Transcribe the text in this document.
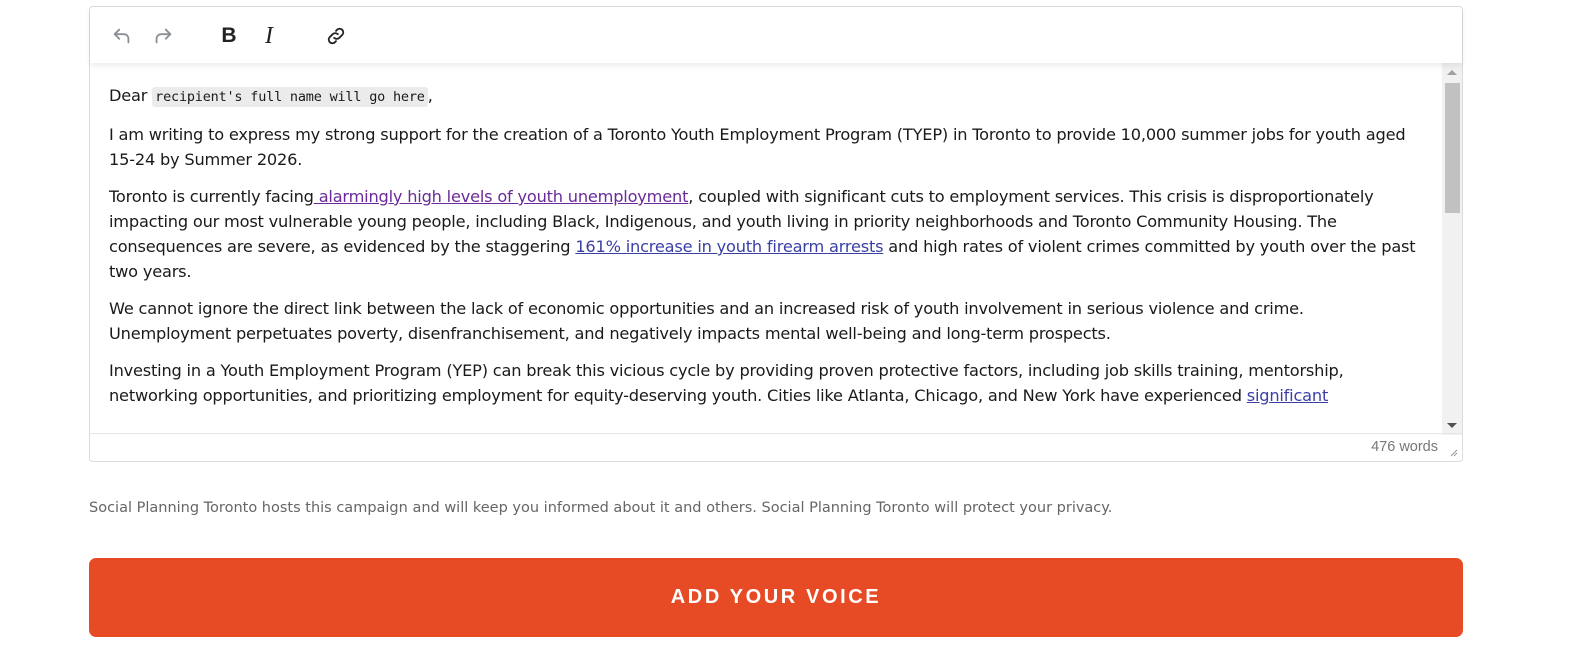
B I

Dear recipient's full name will go here ,

I am writing to express my strong support for the creation of a Toronto Youth Employment Program (TYEP) in Toronto to provide 10,000 summer jobs for youth aged 15-24 by Summer 2026.

Toronto is currently facing alarmingly high levels of youth unemployment, coupled with significant cuts to employment services. This crisis is disproportionately impacting our most vulnerable young people, including Black, Indigenous, and youth living in priority neighborhoods and Toronto Community Housing. The consequences are severe, as evidenced by the staggering 161% increase in youth firearm arrests and high rates of violent crimes committed by youth over the past two years.

We cannot ignore the direct link between the lack of economic opportunities and an increased risk of youth involvement in serious violence and crime. Unemployment perpetuates poverty, disenfranchisement, and negatively impacts mental well-being and long-term prospects.

Investing in a Youth Employment Program (YEP) can break this vicious cycle by providing proven protective factors, including job skills training, mentorship, networking opportunities, and prioritizing employment for equity-deserving youth. Cities like Atlanta, Chicago, and New York have experienced significant

476 words
Social Planning Toronto hosts this campaign and will keep you informed about it and others. Social Planning Toronto will protect your privacy.
ADD YOUR VOICE
